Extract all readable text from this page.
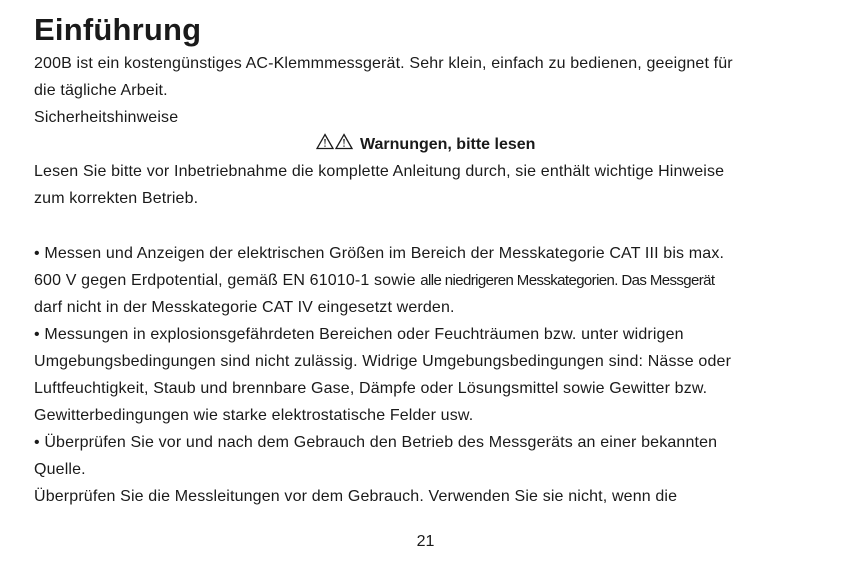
Einführung

200B ist ein kostengünstiges AC-Klemmmessgerät. Sehr klein, einfach zu bedienen, geeignet für

die tägliche Arbeit.

Sicherheitshinweise
Warnungen, bitte lesen

Lesen Sie bitte vor Inbetriebnahme die komplette Anleitung durch, sie enthält wichtige Hinweise

zum korrekten Betrieb.

• Messen und Anzeigen der elektrischen Größen im Bereich der Messkategorie CAT III bis max.

600 V gegen Erdpotential, gemäß EN 61010-1 sowie alle niedrigeren Messkategorien. Das Messgerät

darf nicht in der Messkategorie CAT IV eingesetzt werden.

• Messungen in explosionsgefährdeten Bereichen oder Feuchträumen bzw. unter widrigen

Umgebungsbedingungen sind nicht zulässig. Widrige Umgebungsbedingungen sind: Nässe oder

Luftfeuchtigkeit, Staub und brennbare Gase, Dämpfe oder Lösungsmittel sowie Gewitter bzw.

Gewitterbedingungen wie starke elektrostatische Felder usw.

• Überprüfen Sie vor und nach dem Gebrauch den Betrieb des Messgeräts an einer bekannten

Quelle.

Überprüfen Sie die Messleitungen vor dem Gebrauch. Verwenden Sie sie nicht, wenn die

21
